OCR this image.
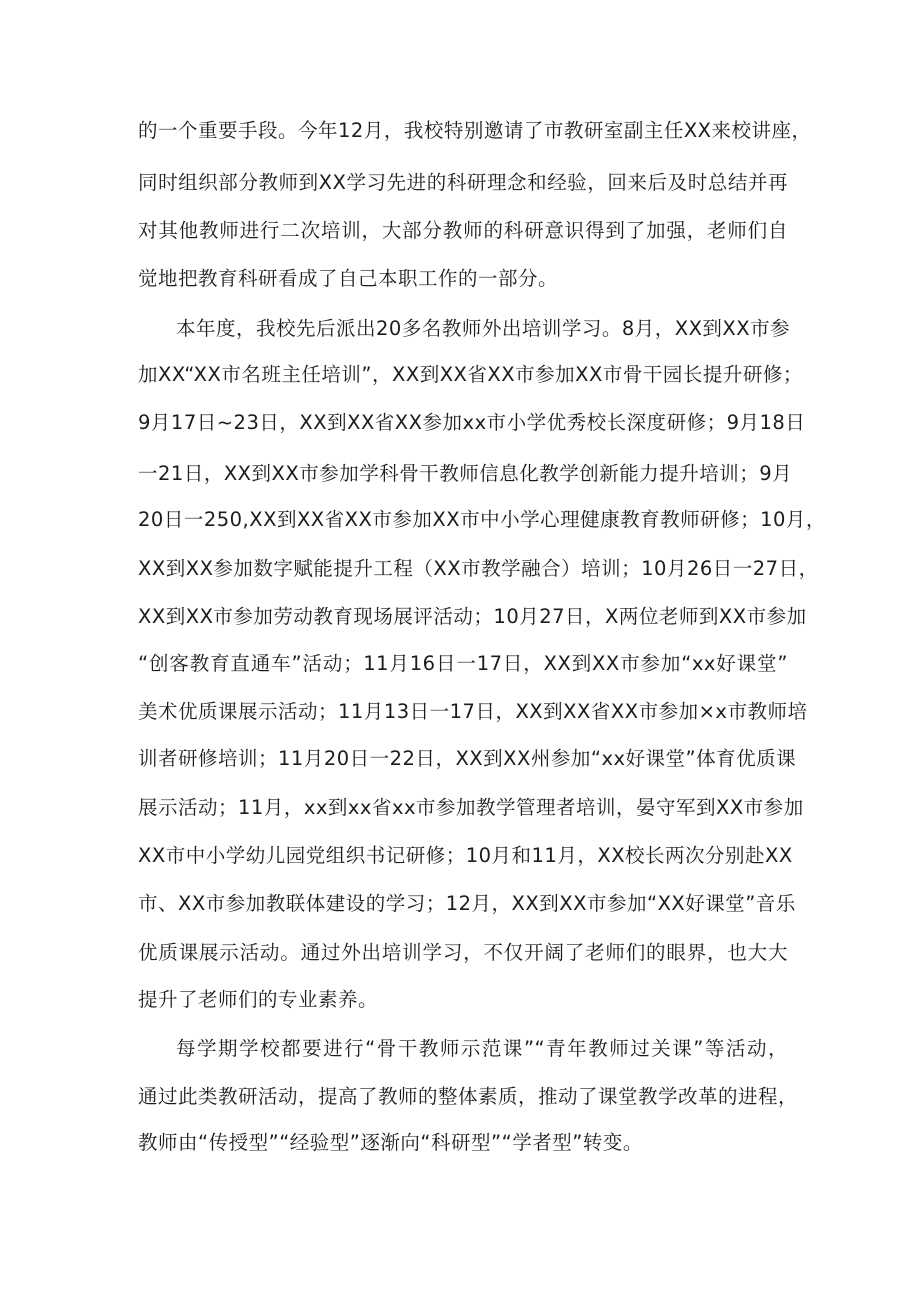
的一个重要手段。今年12月，我校特别邀请了市教研室副主任XX来校讲座，

同时组织部分教师到XX学习先进的科研理念和经验，回来后及时总结并再

对其他教师进行二次培训，大部分教师的科研意识得到了加强，老师们自

觉地把教育科研看成了自己本职工作的一部分。

本年度，我校先后派出20多名教师外出培训学习。8月，XX到XX市参

加XX“XX市名班主任培训”，XX到XX省XX市参加XX市骨干园长提升研修；

9月17日~23日，XX到XX省XX参加xx市小学优秀校长深度研修；9月18日

一21日，XX到XX市参加学科骨干教师信息化教学创新能力提升培训；9月

20日一250,XX到XX省XX市参加XX市中小学心理健康教育教师研修；10月，

XX到XX参加数字赋能提升工程（XX市教学融合）培训；10月26日一27日，

XX到XX市参加劳动教育现场展评活动；10月27日，X两位老师到XX市参加

“创客教育直通车”活动；11月16日一17日，XX到XX市参加“xx好课堂”

美术优质课展示活动；11月13日一17日，XX到XX省XX市参加×x市教师培

训者研修培训；11月20日一22日，XX到XX州参加“xx好课堂”体育优质课

展示活动；11月，xx到xx省xx市参加教学管理者培训，晏守军到XX市参加

XX市中小学幼儿园党组织书记研修；10月和11月，XX校长两次分别赴XX

市、XX市参加教联体建设的学习；12月，XX到XX市参加“XX好课堂”音乐

优质课展示活动。通过外出培训学习，不仅开阔了老师们的眼界，也大大

提升了老师们的专业素养。

每学期学校都要进行“骨干教师示范课”“青年教师过关课”等活动，

通过此类教研活动，提高了教师的整体素质，推动了课堂教学改革的进程，

教师由“传授型”“经验型”逐渐向“科研型”“学者型”转变。
